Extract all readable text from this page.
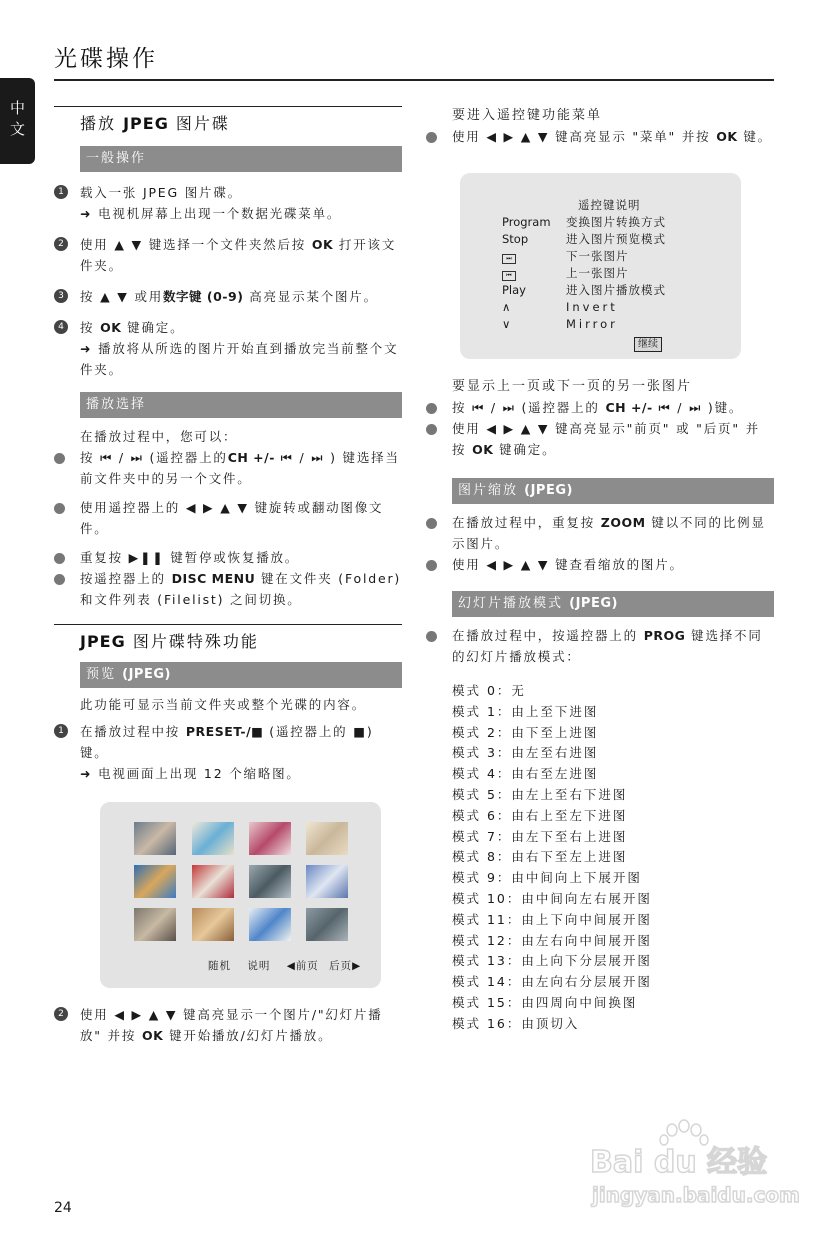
光碟操作
中文	播放 JPEG 图片碟
一般操作
1	载入一张 JPEG 图片碟。
➜ 电视机屏幕上出现一个数据光碟菜单。
2	使用 ▲ ▼ 键选择一个文件夹然后按 OK 打开该文件夹。
3	按 ▲ ▼ 或用数字键 (0-9) 高亮显示某个图片。
4	按 OK 键确定。
➜ 播放将从所选的图片开始直到播放完当前整个文件夹。
播放选择
在播放过程中，您可以：
按 ⏮ / ⏭ (遥控器上的CH +/- ⏮ / ⏭ ) 键选择当前文件夹中的另一个文件。
使用遥控器上的 ◀ ▶ ▲ ▼ 键旋转或翻动图像文件。
重复按 ▶❚❚ 键暂停或恢复播放。
按遥控器上的 DISC MENU 键在文件夹 (Folder) 和文件列表 (Filelist) 之间切换。
JPEG 图片碟特殊功能
预览 (JPEG)
此功能可显示当前文件夹或整个光碟的内容。
1	在播放过程中按 PRESET-/■ (遥控器上的 ■) 键。
➜ 电视画面上出现 12 个缩略图。
随机 说明 ◀前页 后页▶
2	使用 ◀ ▶ ▲ ▼ 键高亮显示一个图片/"幻灯片播放" 并按 OK 键开始播放/幻灯片播放。
要进入遥控键功能菜单
使用 ◀ ▶ ▲ ▼ 键高亮显示 "菜单" 并按 OK 键。
遥控键说明
Program 变换图片转换方式
Stop	进入图片预览模式
⏭	下一张图片
⏮	上一张图片
Play	进入图片播放模式
∧	Invert
∨	Mirror
继续
要显示上一页或下一页的另一张图片
按 ⏮ / ⏭ (遥控器上的 CH +/- ⏮ / ⏭ )键。
使用 ◀ ▶ ▲ ▼ 键高亮显示"前页" 或 "后页" 并按 OK 键确定。
图片缩放 (JPEG)
在播放过程中，重复按 ZOOM 键以不同的比例显示图片。
使用 ◀ ▶ ▲ ▼ 键查看缩放的图片。
幻灯片播放模式 (JPEG)
在播放过程中，按遥控器上的 PROG 键选择不同的幻灯片播放模式：
模式 0：无
模式 1：由上至下进图
模式 2：由下至上进图
模式 3：由左至右进图
模式 4：由右至左进图
模式 5：由左上至右下进图
模式 6：由右上至左下进图
模式 7：由左下至右上进图
模式 8：由右下至左上进图
模式 9：由中间向上下展开图
模式 10：由中间向左右展开图
模式 11：由上下向中间展开图
模式 12：由左右向中间展开图
模式 13：由上向下分层展开图
模式 14：由左向右分层展开图
模式 15：由四周向中间换图
模式 16：由顶切入
24
Bai du 经验
jingyan.baidu.com
